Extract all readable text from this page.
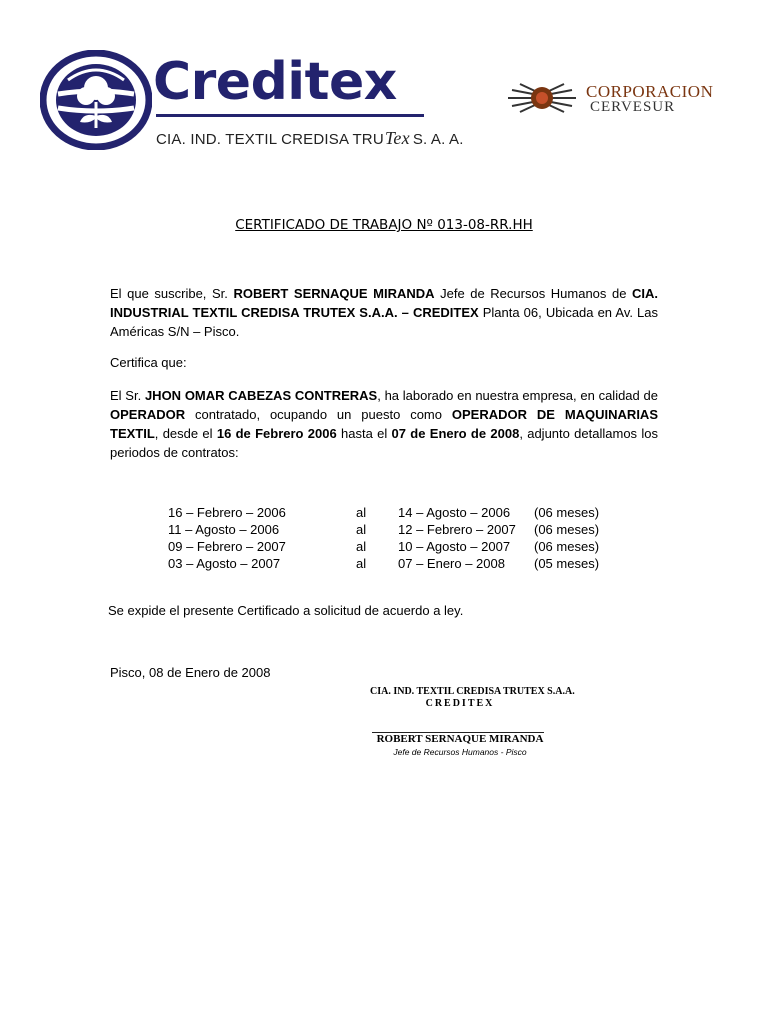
Creditex
CIA. IND. TEXTIL CREDISA TRUTex S. A. A.
CORPORACION
CERVESUR
CERTIFICADO DE TRABAJO Nº 013-08-RR.HH
El que suscribe, Sr. ROBERT SERNAQUE MIRANDA Jefe de Recursos Humanos de CIA. INDUSTRIAL TEXTIL CREDISA TRUTEX S.A.A. – CREDITEX Planta 06, Ubicada en Av. Las Américas S/N – Pisco.
Certifica que:
El Sr. JHON OMAR CABEZAS CONTRERAS, ha laborado en nuestra empresa, en calidad de OPERADOR contratado, ocupando un puesto como OPERADOR DE MAQUINARIAS TEXTIL, desde el 16 de Febrero 2006 hasta el 07 de Enero de 2008, adjunto detallamos los periodos de contratos:
16 – Febrero – 2006	al	14 – Agosto – 2006	(06 meses)
11 – Agosto – 2006	al	12 – Febrero – 2007	(06 meses)
09 – Febrero – 2007	al	10 – Agosto – 2007	(06 meses)
03 – Agosto – 2007	al	07 – Enero – 2008	(05 meses)
Se expide el presente Certificado a solicitud de acuerdo a ley.
Pisco, 08 de Enero de 2008
CIA. IND. TEXTIL CREDISA TRUTEX S.A.A.
CREDITEX
ROBERT SERNAQUE MIRANDA
Jefe de Recursos Humanos - Pisco
